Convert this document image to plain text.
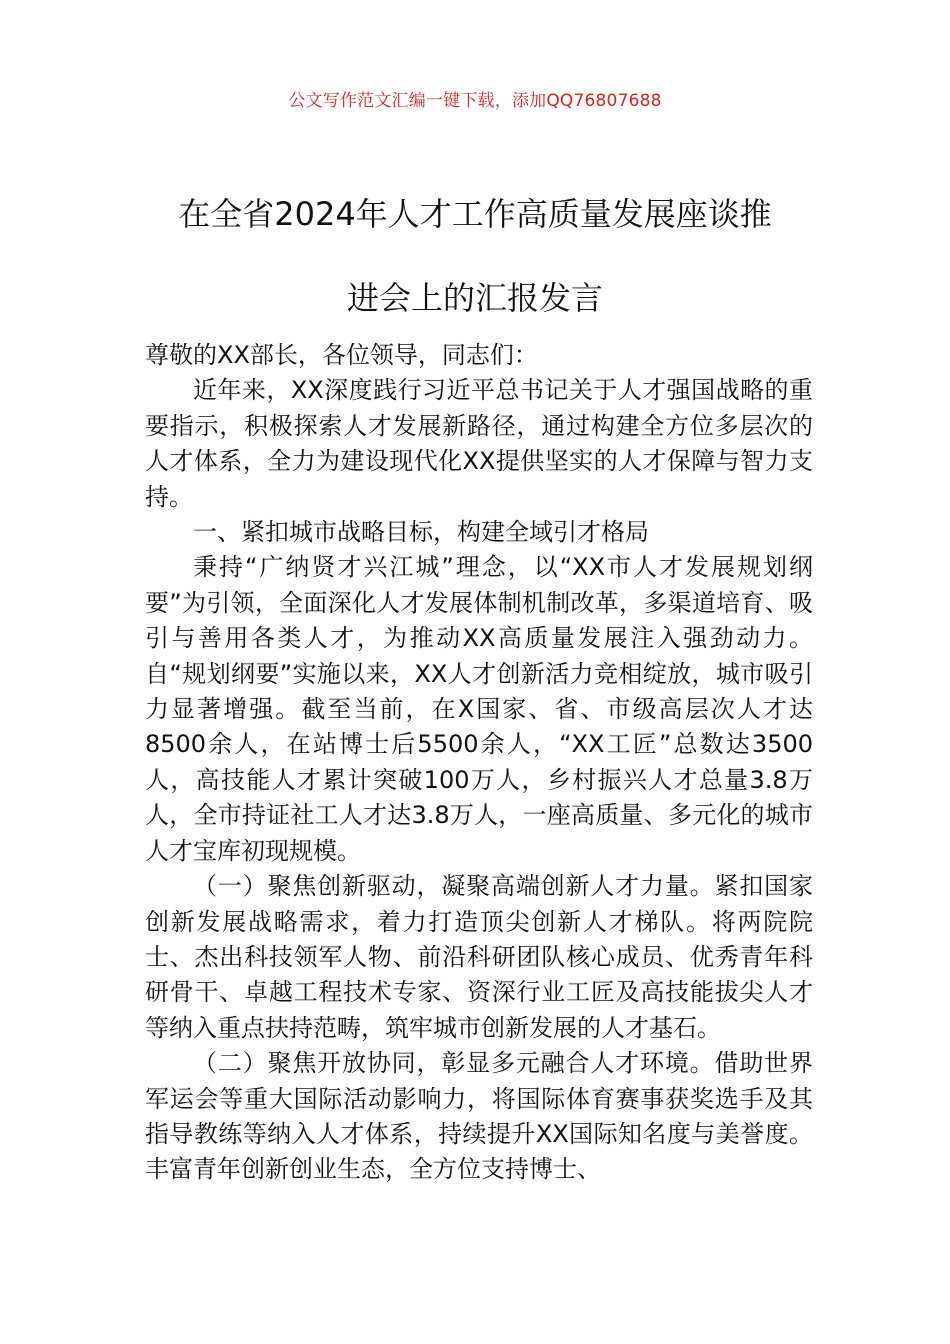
公文写作范文汇编一键下载，添加QQ76807688
在全省2024年人才工作高质量发展座谈推
进会上的汇报发言

尊敬的XX部长，各位领导，同志们：

近年来，XX深度践行习近平总书记关于人才强国战略的重要指示，积极探索人才发展新路径，通过构建全方位多层次的人才体系，全力为建设现代化XX提供坚实的人才保障与智力支持。

一、紧扣城市战略目标，构建全域引才格局

秉持“广纳贤才兴江城”理念，以“XX市人才发展规划纲要”为引领，全面深化人才发展体制机制改革，多渠道培育、吸引与善用各类人才，为推动XX高质量发展注入强劲动力。自“规划纲要”实施以来，XX人才创新活力竞相绽放，城市吸引力显著增强。截至当前，在X国家、省、市级高层次人才达8500余人，在站博士后5500余人，“XX工匠”总数达3500人，高技能人才累计突破100万人，乡村振兴人才总量3.8万人，全市持证社工人才达3.8万人，一座高质量、多元化的城市人才宝库初现规模。

（一）聚焦创新驱动，凝聚高端创新人才力量。紧扣国家创新发展战略需求，着力打造顶尖创新人才梯队。将两院院士、杰出科技领军人物、前沿科研团队核心成员、优秀青年科研骨干、卓越工程技术专家、资深行业工匠及高技能拔尖人才等纳入重点扶持范畴，筑牢城市创新发展的人才基石。

（二）聚焦开放协同，彰显多元融合人才环境。借助世界军运会等重大国际活动影响力，将国际体育赛事获奖选手及其指导教练等纳入人才体系，持续提升XX国际知名度与美誉度。丰富青年创新创业生态，全方位支持博士、
